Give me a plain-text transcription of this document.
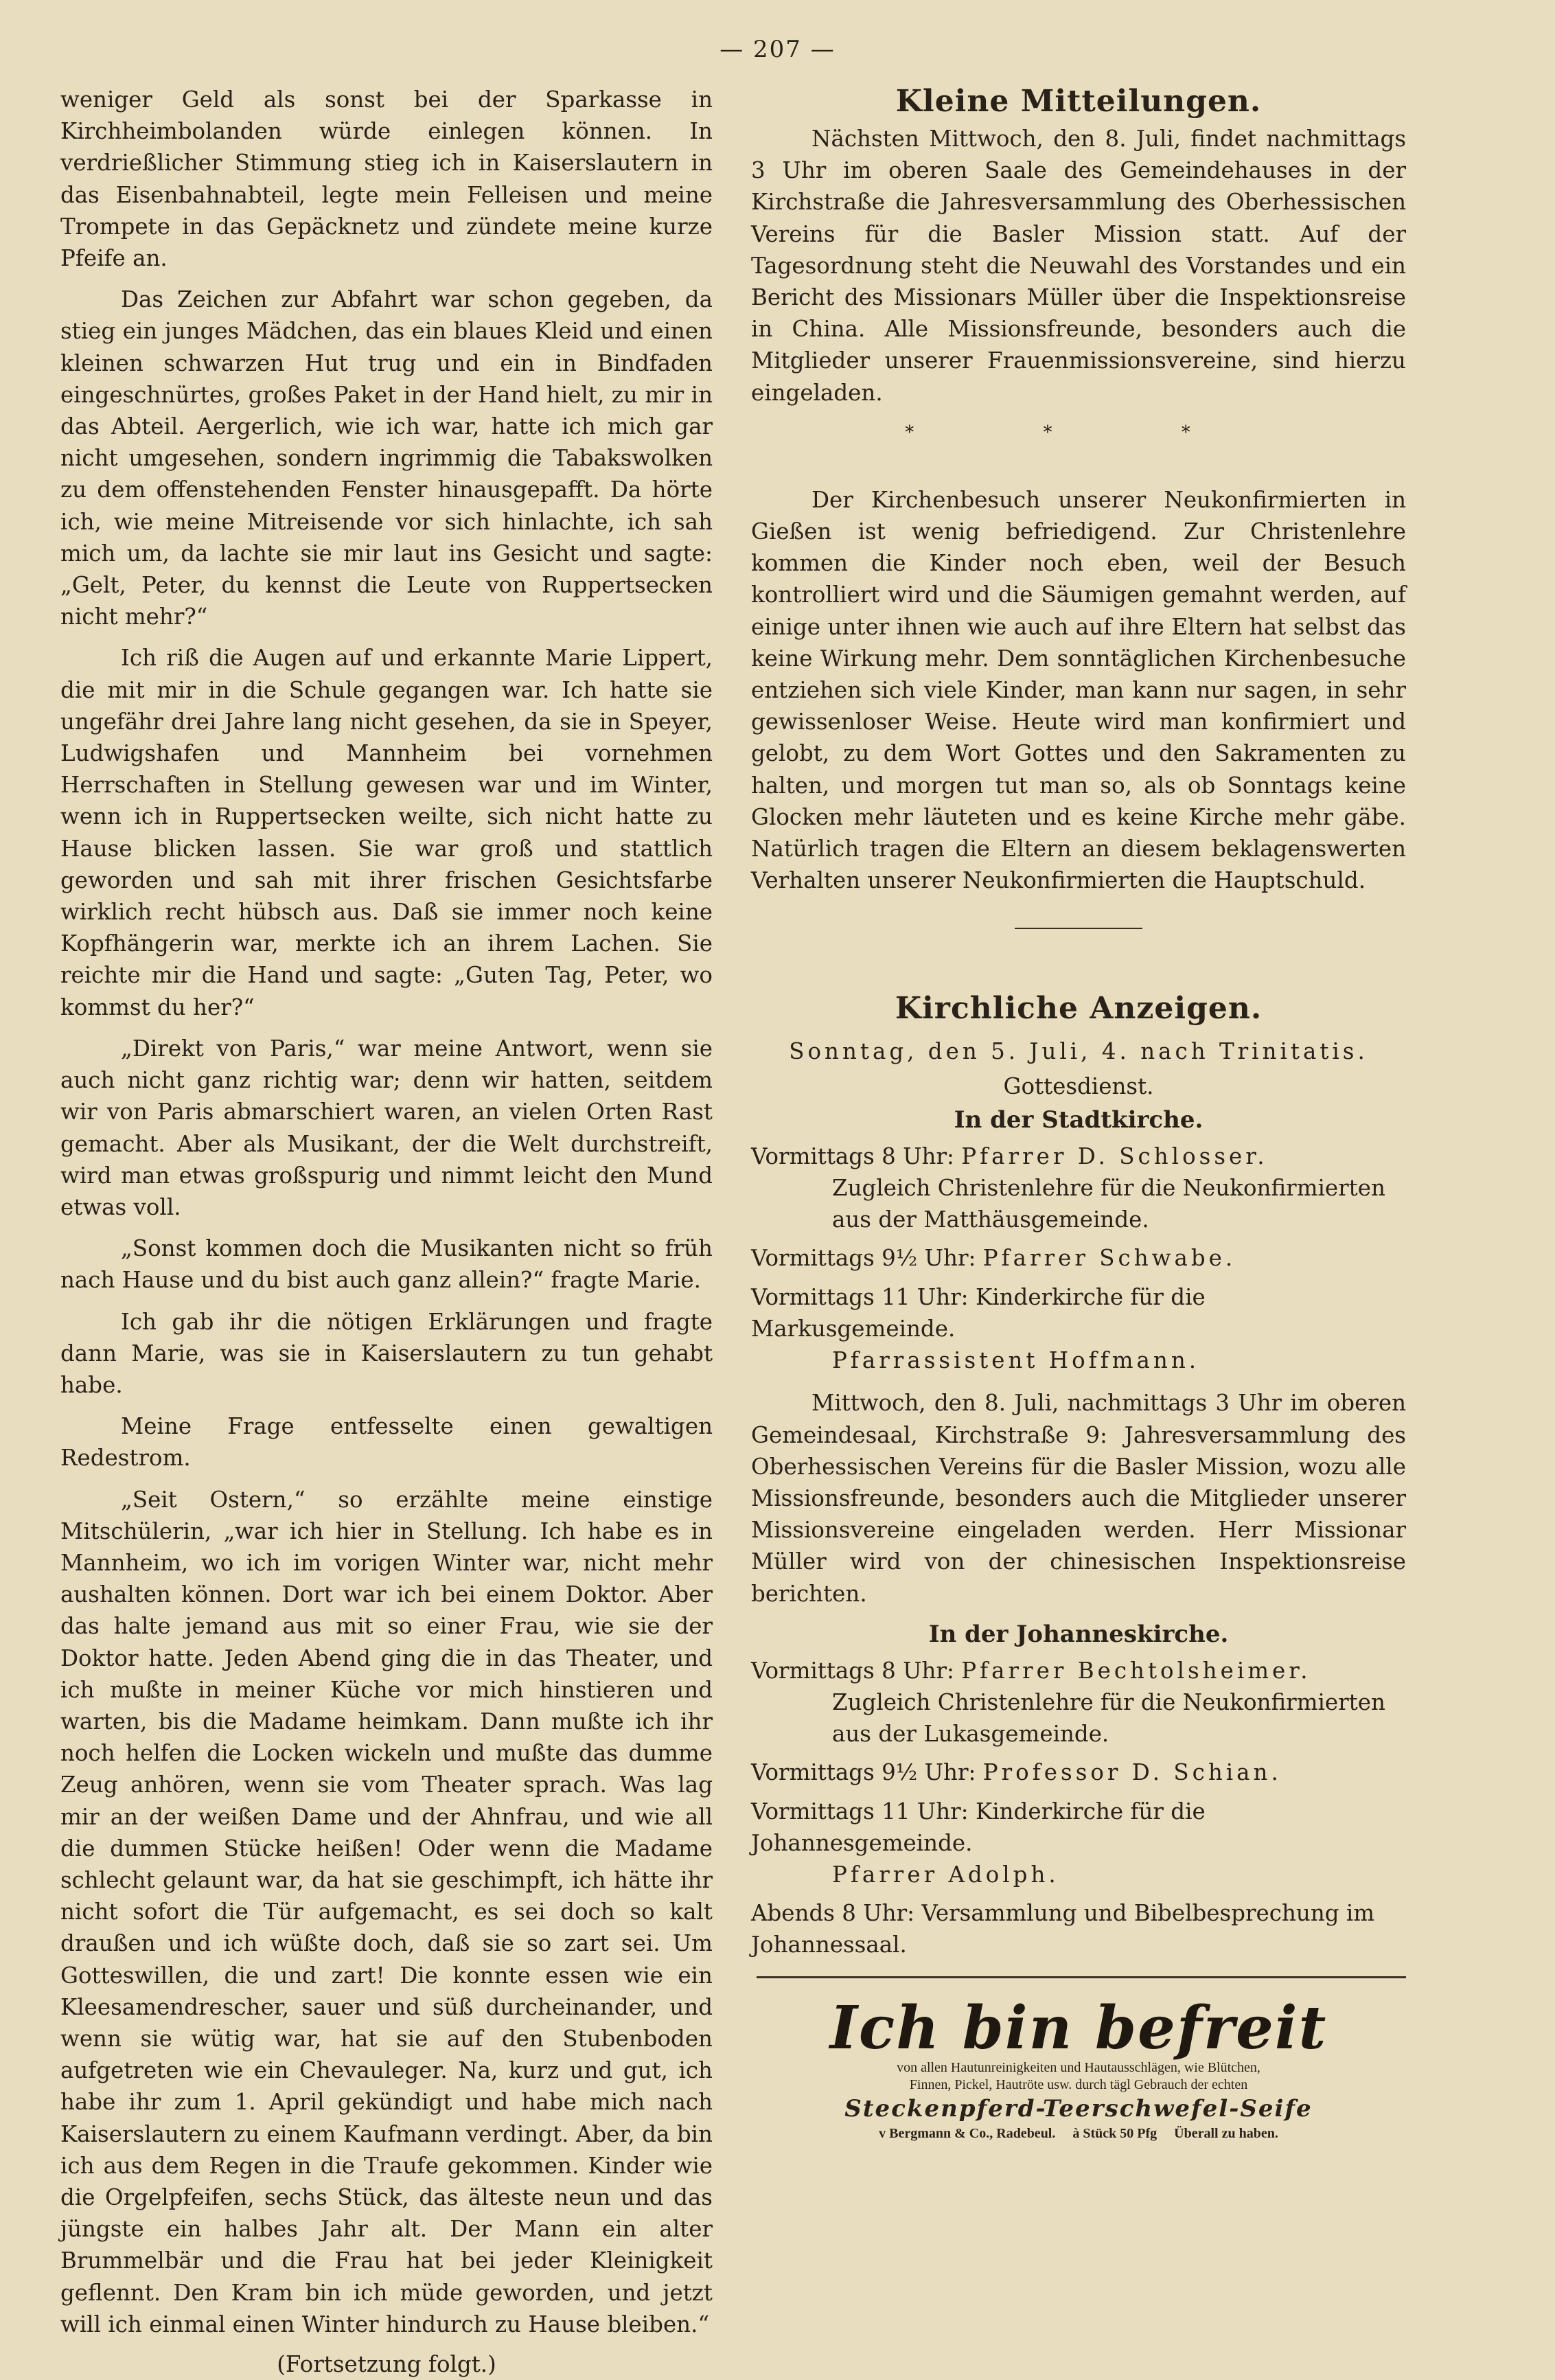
— 207 —

weniger Geld als sonst bei der Sparkasse in Kirchheimbolanden würde einlegen können. In verdrießlicher Stimmung stieg ich in Kaiserslautern in das Eisenbahnabteil, legte mein Felleisen und meine Trompete in das Gepäcknetz und zündete meine kurze Pfeife an.

Das Zeichen zur Abfahrt war schon gegeben, da stieg ein junges Mädchen, das ein blaues Kleid und einen kleinen schwarzen Hut trug und ein in Bindfaden eingeschnürtes, großes Paket in der Hand hielt, zu mir in das Abteil. Aergerlich, wie ich war, hatte ich mich gar nicht umgesehen, sondern ingrimmig die Tabakswolken zu dem offenstehenden Fenster hinausgepafft. Da hörte ich, wie meine Mitreisende vor sich hinlachte, ich sah mich um, da lachte sie mir laut ins Gesicht und sagte: „Gelt, Peter, du kennst die Leute von Ruppertsecken nicht mehr?“

Ich riß die Augen auf und erkannte Marie Lippert, die mit mir in die Schule gegangen war. Ich hatte sie ungefähr drei Jahre lang nicht gesehen, da sie in Speyer, Ludwigshafen und Mannheim bei vornehmen Herrschaften in Stellung gewesen war und im Winter, wenn ich in Ruppertsecken weilte, sich nicht hatte zu Hause blicken lassen. Sie war groß und stattlich geworden und sah mit ihrer frischen Gesichtsfarbe wirklich recht hübsch aus. Daß sie immer noch keine Kopfhängerin war, merkte ich an ihrem Lachen. Sie reichte mir die Hand und sagte: „Guten Tag, Peter, wo kommst du her?“

„Direkt von Paris,“ war meine Antwort, wenn sie auch nicht ganz richtig war; denn wir hatten, seitdem wir von Paris abmarschiert waren, an vielen Orten Rast gemacht. Aber als Musikant, der die Welt durchstreift, wird man etwas großspurig und nimmt leicht den Mund etwas voll.

„Sonst kommen doch die Musikanten nicht so früh nach Hause und du bist auch ganz allein?“ fragte Marie.

Ich gab ihr die nötigen Erklärungen und fragte dann Marie, was sie in Kaiserslautern zu tun gehabt habe.

Meine Frage entfesselte einen gewaltigen Redestrom.

„Seit Ostern,“ so erzählte meine einstige Mitschülerin, „war ich hier in Stellung. Ich habe es in Mannheim, wo ich im vorigen Winter war, nicht mehr aushalten können. Dort war ich bei einem Doktor. Aber das halte jemand aus mit so einer Frau, wie sie der Doktor hatte. Jeden Abend ging die in das Theater, und ich mußte in meiner Küche vor mich hinstieren und warten, bis die Madame heimkam. Dann mußte ich ihr noch helfen die Locken wickeln und mußte das dumme Zeug anhören, wenn sie vom Theater sprach. Was lag mir an der weißen Dame und der Ahnfrau, und wie all die dummen Stücke heißen! Oder wenn die Madame schlecht gelaunt war, da hat sie geschimpft, ich hätte ihr nicht sofort die Tür aufgemacht, es sei doch so kalt draußen und ich wüßte doch, daß sie so zart sei. Um Gotteswillen, die und zart! Die konnte essen wie ein Kleesamendrescher, sauer und süß durcheinander, und wenn sie wütig war, hat sie auf den Stubenboden aufgetreten wie ein Chevauleger. Na, kurz und gut, ich habe ihr zum 1. April gekündigt und habe mich nach Kaiserslautern zu einem Kaufmann verdingt. Aber, da bin ich aus dem Regen in die Traufe gekommen. Kinder wie die Orgelpfeifen, sechs Stück, das älteste neun und das jüngste ein halbes Jahr alt. Der Mann ein alter Brummelbär und die Frau hat bei jeder Kleinigkeit geflennt. Den Kram bin ich müde geworden, und jetzt will ich einmal einen Winter hindurch zu Hause bleiben.“

(Fortsetzung folgt.)

Kleine Mitteilungen.

Nächsten Mittwoch, den 8. Juli, findet nachmittags 3 Uhr im oberen Saale des Gemeindehauses in der Kirchstraße die Jahresversammlung des Oberhessischen Vereins für die Basler Mission statt. Auf der Tagesordnung steht die Neuwahl des Vorstandes und ein Bericht des Missionars Müller über die Inspektionsreise in China. Alle Missionsfreunde, besonders auch die Mitglieder unserer Frauenmissionsvereine, sind hierzu eingeladen.

* * *

Der Kirchenbesuch unserer Neukonfirmierten in Gießen ist wenig befriedigend. Zur Christenlehre kommen die Kinder noch eben, weil der Besuch kontrolliert wird und die Säumigen gemahnt werden, auf einige unter ihnen wie auch auf ihre Eltern hat selbst das keine Wirkung mehr. Dem sonntäglichen Kirchenbesuche entziehen sich viele Kinder, man kann nur sagen, in sehr gewissenloser Weise. Heute wird man konfirmiert und gelobt, zu dem Wort Gottes und den Sakramenten zu halten, und morgen tut man so, als ob Sonntags keine Glocken mehr läuteten und es keine Kirche mehr gäbe. Natürlich tragen die Eltern an diesem beklagenswerten Verhalten unserer Neukonfirmierten die Hauptschuld.

Kirchliche Anzeigen.

Sonntag, den 5. Juli, 4. nach Trinitatis.

Gottesdienst.

In der Stadtkirche.

Vormittags 8 Uhr: Pfarrer D. Schlosser.

Zugleich Christenlehre für die Neukonfirmierten aus der Matthäusgemeinde.

Vormittags 9½ Uhr: Pfarrer Schwabe.

Vormittags 11 Uhr: Kinderkirche für die Markusgemeinde.

Pfarrassistent Hoffmann.

Mittwoch, den 8. Juli, nachmittags 3 Uhr im oberen Gemeindesaal, Kirchstraße 9: Jahresversammlung des Oberhessischen Vereins für die Basler Mission, wozu alle Missionsfreunde, besonders auch die Mitglieder unserer Missionsvereine eingeladen werden. Herr Missionar Müller wird von der chinesischen Inspektionsreise berichten.

In der Johanneskirche.

Vormittags 8 Uhr: Pfarrer Bechtolsheimer.

Zugleich Christenlehre für die Neukonfirmierten aus der Lukasgemeinde.

Vormittags 9½ Uhr: Professor D. Schian.

Vormittags 11 Uhr: Kinderkirche für die Johannesgemeinde.

Pfarrer Adolph.

Abends 8 Uhr: Versammlung und Bibelbesprechung im Johannessaal.

Ich bin befreit
von allen Hautunreinigkeiten und Hautausschlägen, wie Blütchen,
Finnen, Pickel, Hautröte usw. durch tägl Gebrauch der echten
Steckenpferd-Teerschwefel-Seife
v Bergmann & Co., Radebeul. à Stück 50 Pfg Überall zu haben.
